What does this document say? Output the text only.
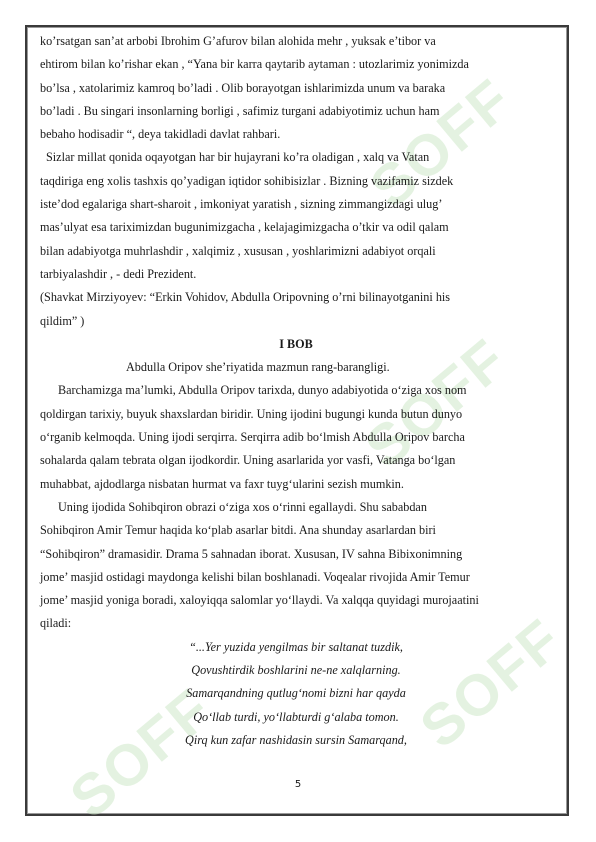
SOFF
SOFF
SOFF
SOFF

ko’rsatgan san’at arbobi Ibrohim G’afurov bilan alohida mehr , yuksak e’tibor va
ehtirom bilan ko’rishar ekan , “Yana bir karra qaytarib aytaman : utozlarimiz yonimizda
bo’lsa , xatolarimiz kamroq bo’ladi . Olib borayotgan ishlarimizda unum va baraka
bo’ladi . Bu singari insonlarning borligi , safimiz turgani adabiyotimiz uchun ham
bebaho hodisadir “, deya takidladi davlat rahbari.

Sizlar millat qonida oqayotgan har bir hujayrani ko’ra oladigan , xalq va Vatan
taqdiriga eng xolis tashxis qo’yadigan iqtidor sohibisizlar . Bizning vazifamiz sizdek
iste’dod egalariga shart-sharoit , imkoniyat yaratish , sizning zimmangizdagi ulug’
mas’ulyat esa tariximizdan bugunimizgacha , kelajagimizgacha o’tkir va odil qalam
bilan adabiyotga muhrlashdir , xalqimiz , xususan , yoshlarimizni adabiyot orqali
tarbiyalashdir , - dedi Prezident.

(Shavkat Mirziyoyev: “Erkin Vohidov, Abdulla Oripovning o’rni bilinayotganini his
qildim” )

I BOB

Abdulla Oripov she’riyatida mazmun rang-barangligi.

Barchamizga ma’lumki, Abdulla Oripov tarixda, dunyo adabiyotida o‘ziga xos nom
qoldirgan tarixiy, buyuk shaxslardan biridir. Uning ijodini bugungi kunda butun dunyo
o‘rganib kelmoqda. Uning ijodi serqirra. Serqirra adib bo‘lmish Abdulla Oripov barcha
sohalarda qalam tebrata olgan ijodkordir. Uning asarlarida yor vasfi, Vatanga bo‘lgan
muhabbat, ajdodlarga nisbatan hurmat va faxr tuyg‘ularini sezish mumkin.

Uning ijodida Sohibqiron obrazi o‘ziga xos o‘rinni egallaydi. Shu sababdan
Sohibqiron Amir Temur haqida ko‘plab asarlar bitdi. Ana shunday asarlardan biri
“Sohibqiron” dramasidir. Drama 5 sahnadan iborat. Xususan, IV sahna Bibixonimning
jome’ masjid ostidagi maydonga kelishi bilan boshlanadi. Voqealar rivojida Amir Temur
jome’ masjid yoniga boradi, xaloyiqqa salomlar yo‘llaydi. Va xalqqa quyidagi murojaatini
qiladi:

“...Yer yuzida yengilmas bir saltanat tuzdik,
Qovushtirdik boshlarini ne-ne xalqlarning.
Samarqandning qutlug‘nomi bizni har qayda
Qo‘llab turdi, yo‘llabturdi g‘alaba tomon.
Qirq kun zafar nashidasin sursin Samarqand,

5
